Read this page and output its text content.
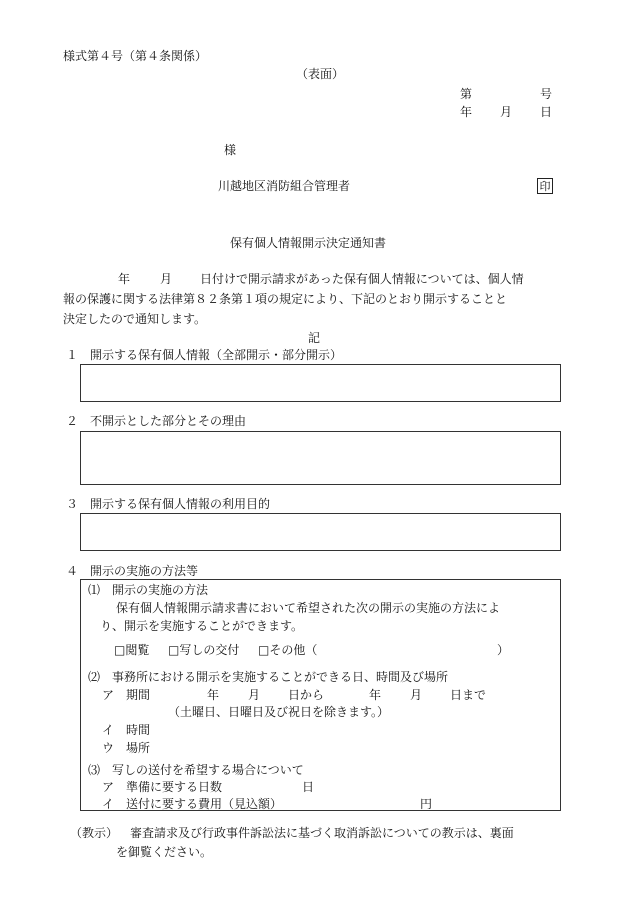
様式第４号（第４条関係）
（表面）
第	号
年 月 日
様
川越地区消防組合管理者	印
保有個人情報開示決定通知書
年 月 日付けで開示請求があった保有個人情報については、個人情
報の保護に関する法律第８２条第１項の規定により、下記のとおり開示することと
決定したので通知します。
記
１　開示する保有個人情報（全部開示・部分開示）
２　不開示とした部分とその理由
３　開示する保有個人情報の利用目的
４　開示の実施の方法等
⑴　開示の実施の方法
保有個人情報開示請求書において希望された次の開示の実施の方法によ
り、開示を実施することができます。
□閲覧 □写しの交付 □その他（	）
⑵　事務所における開示を実施することができる日、時間及び場所
ア　期間	年 月 日から	年 月 日まで
（土曜日、日曜日及び祝日を除きます。）
イ　時間
ウ　場所
⑶　写しの送付を希望する場合について
ア　準備に要する日数	日
イ　送付に要する費用（見込額）	円
（教示） 審査請求及び行政事件訴訟法に基づく取消訴訟についての教示は、裏面
を御覧ください。
